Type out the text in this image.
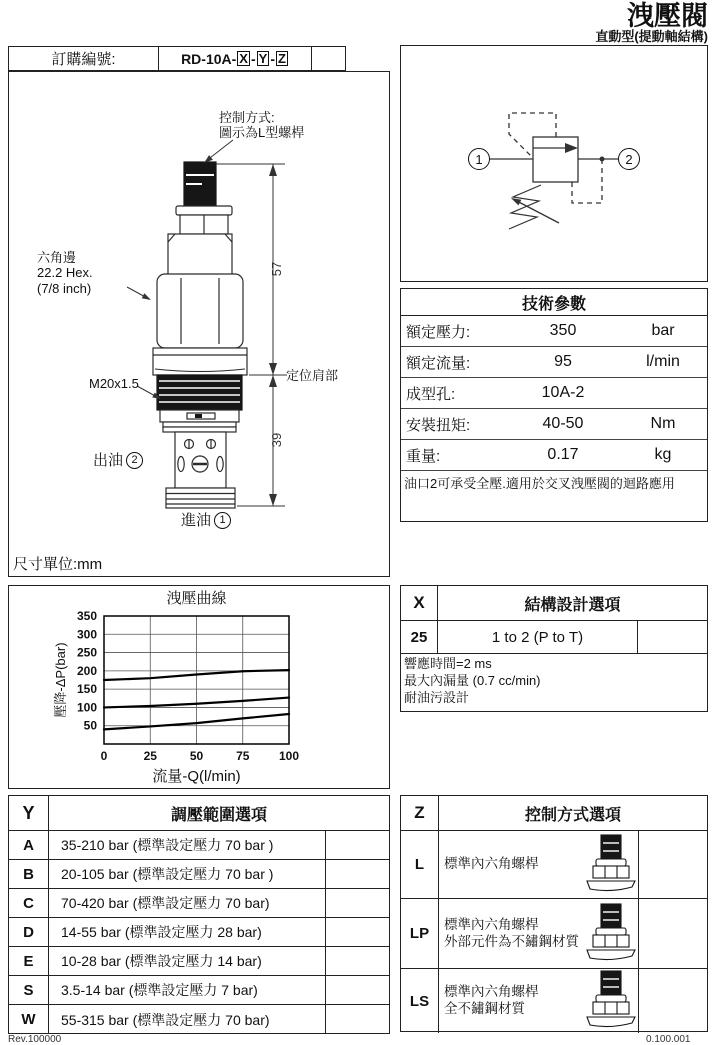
洩壓閥
直動型(提動軸結構)
訂購編號:	RD-10A- X - Y - Z
57
39
控制方式:
圖示為L型螺桿
六角邊
22.2 Hex.
(7/8 inch)
M20x1.5
定位肩部
出油 2
進油 1
尺寸單位:mm
1	2
技術參數
額定壓力:	350	bar
額定流量:	95	l/min
成型孔:	10A-2
安裝扭矩:	40-50	Nm
重量:	0.17	kg
油口2可承受全壓.適用於交叉洩壓閥的迴路應用
50
100
150
200
250
300
350
0	25	50	75 100
洩壓曲線
流量-Q(l/min)
壓降-ΔP(bar)
X	結構設計選項
25	1 to 2 (P to T)
響應時間=2 ms
最大內漏量 (0.7 cc/min)
耐油污設計
Y	調壓範圍選項
A	35-210 bar (標準設定壓力 70 bar )
B	20-105 bar (標準設定壓力 70 bar )
C	70-420 bar (標準設定壓力 70 bar)
D	14-55 bar (標準設定壓力 28 bar)
E	10-28 bar (標準設定壓力 14 bar)
S	3.5-14 bar (標準設定壓力 7 bar)
W	55-315 bar (標準設定壓力 70 bar)
Z	控制方式選項
L	標準內六角螺桿
LP
標準內六角螺桿
外部元件為不鏽鋼材質
LS
標準內六角螺桿
全不鏽鋼材質
Rev.100000	0.100.001
